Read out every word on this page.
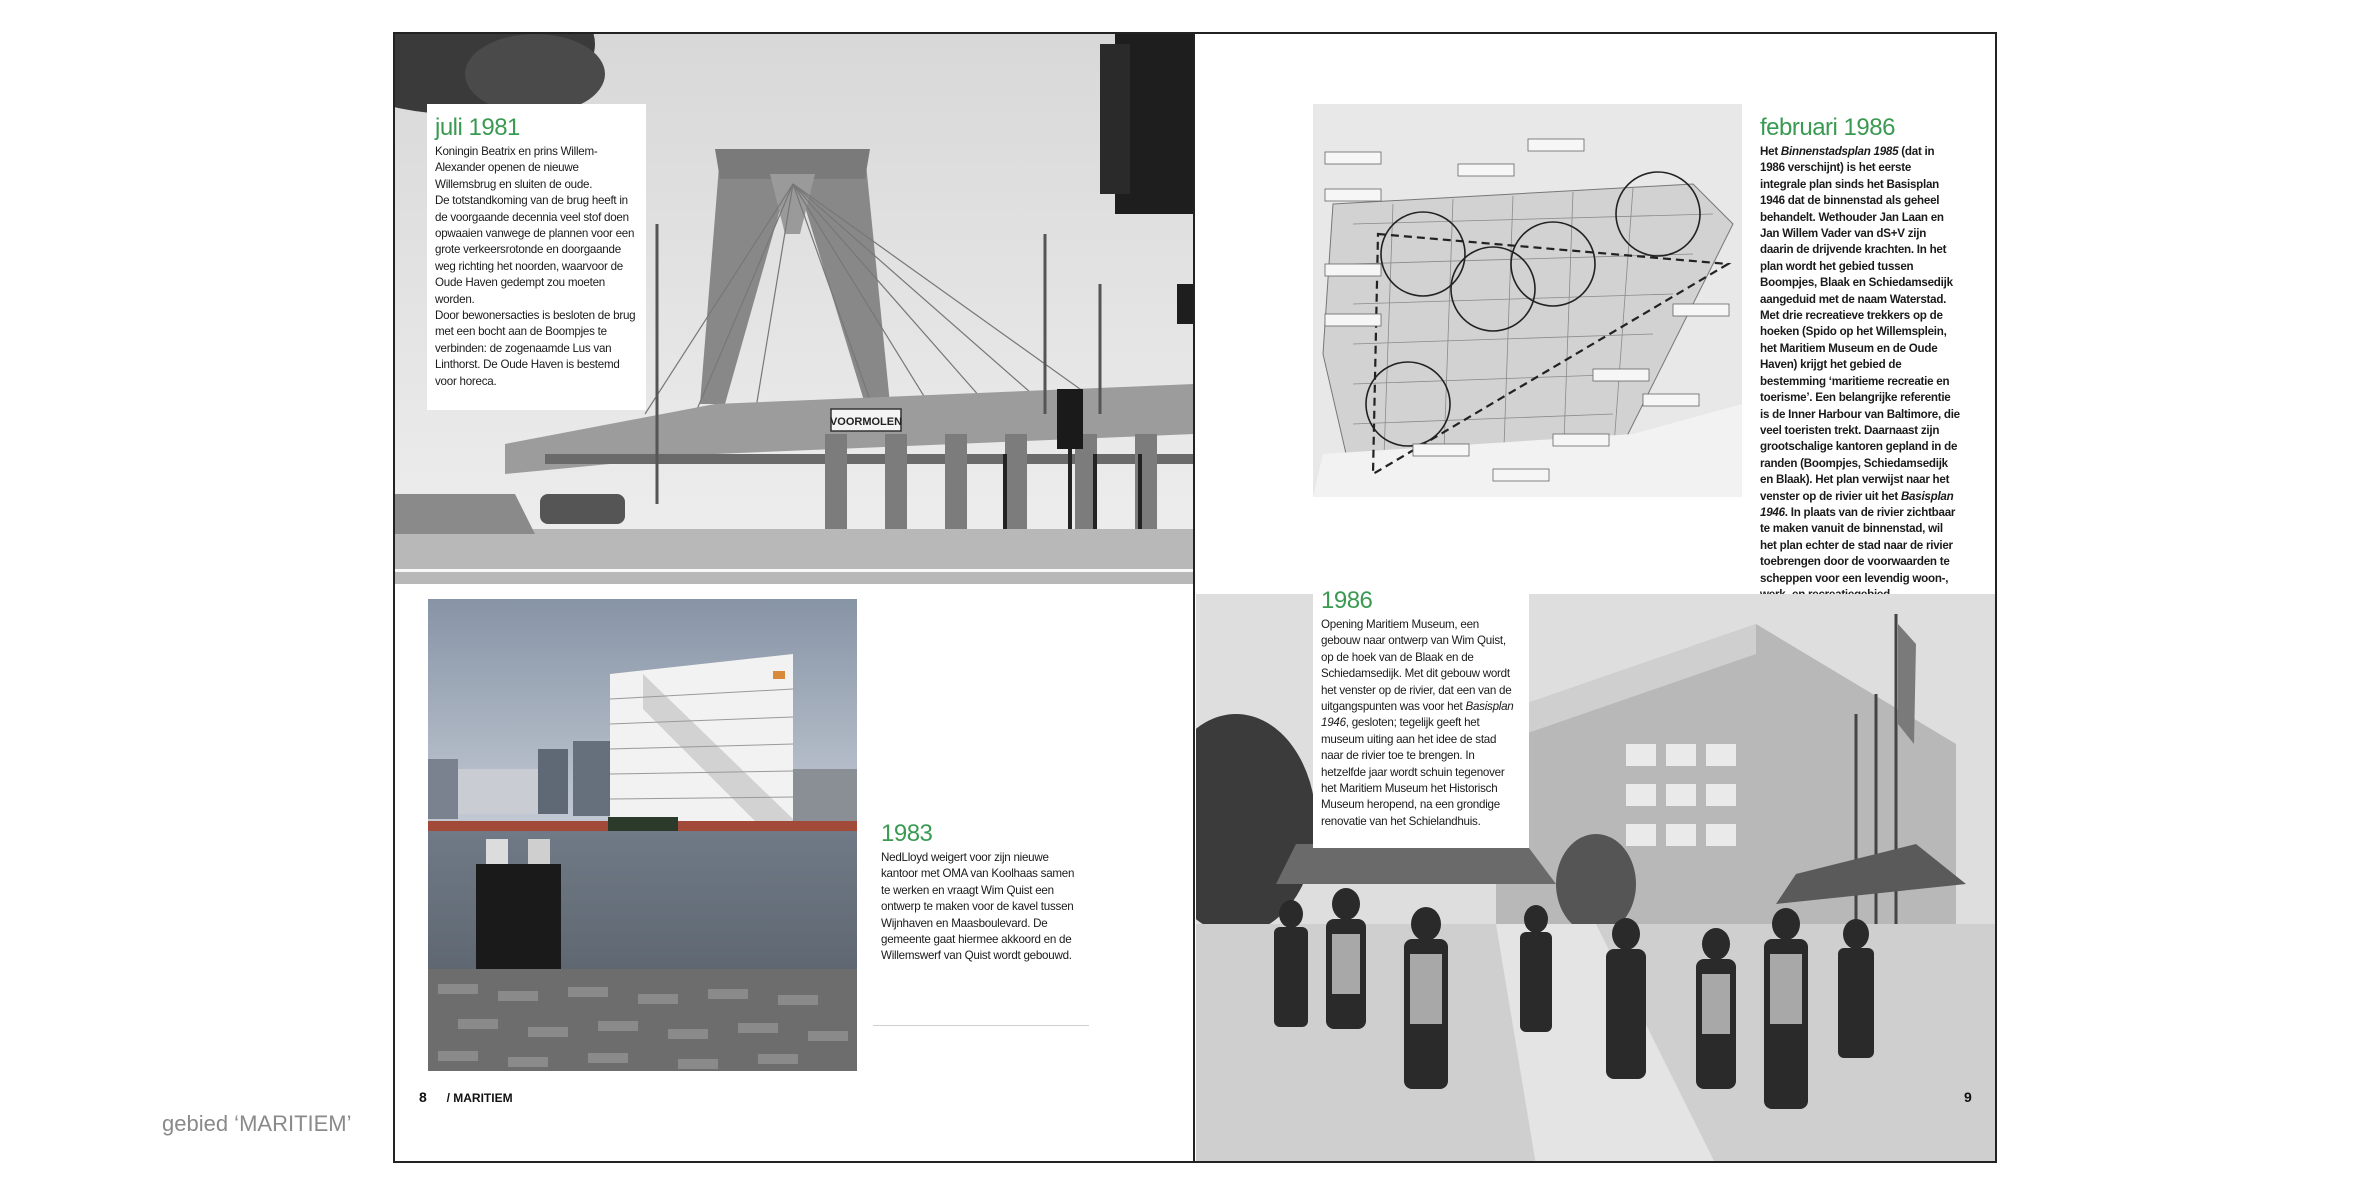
VOORMOLEN
juli 1981

Koningin Beatrix en prins Willem-Alexander openen de nieuwe Willemsbrug en sluiten de oude.

De totstandkoming van de brug heeft in de voorgaande decennia veel stof doen opwaaien vanwege de plannen voor een grote verkeersrotonde en doorgaande weg richting het noorden, waarvoor de Oude Haven gedempt zou moeten worden.

Door bewonersacties is besloten de brug met een bocht aan de Boompjes te verbinden: de zogenaamde Lus van Linthorst. De Oude Haven is bestemd voor horeca.

1983
NedLloyd weigert voor zijn nieuwe kantoor met OMA van Koolhaas samen te werken en vraagt Wim Quist een ontwerp te maken voor de kavel tussen Wijnhaven en Maasboulevard. De gemeente gaat hiermee akkoord en de Willemswerf van Quist wordt gebouwd.
8 / MARITIEM
februari 1986
Het Binnenstadsplan 1985 (dat in 1986 verschijnt) is het eerste integrale plan sinds het Basisplan 1946 dat de binnenstad als geheel behandelt. Wethouder Jan Laan en Jan Willem Vader van dS+V zijn daarin de drijvende krachten. In het plan wordt het gebied tussen Boompjes, Blaak en Schiedamsedijk aangeduid met de naam Waterstad. Met drie recreatieve trekkers op de hoeken (Spido op het Willemsplein, het Maritiem Museum en de Oude Haven) krijgt het gebied de bestemming ‘maritieme recreatie en toerisme’. Een belangrijke referentie is de Inner Harbour van Baltimore, die veel toeristen trekt. Daarnaast zijn grootschalige kantoren gepland in de randen (Boompjes, Schiedamsedijk en Blaak). Het plan verwijst naar het venster op de rivier uit het Basisplan 1946. In plaats van de rivier zichtbaar te maken vanuit de binnenstad, wil het plan echter de stad naar de rivier toebrengen door de voorwaarden te scheppen voor een levendig woon-,
1986
Opening Maritiem Museum, een gebouw naar ontwerp van Wim Quist, op de hoek van de Blaak en de Schiedamsedijk. Met dit gebouw wordt het venster op de rivier, dat een van de uitgangspunten was voor het Basisplan 1946, gesloten; tegelijk geeft het museum uiting aan het idee de stad naar de rivier toe te brengen. In hetzelfde jaar wordt schuin tegenover het Maritiem Museum het Historisch Museum heropend, na een grondige renovatie van het Schielandhuis.
9
gebied ‘MARITIEM’
